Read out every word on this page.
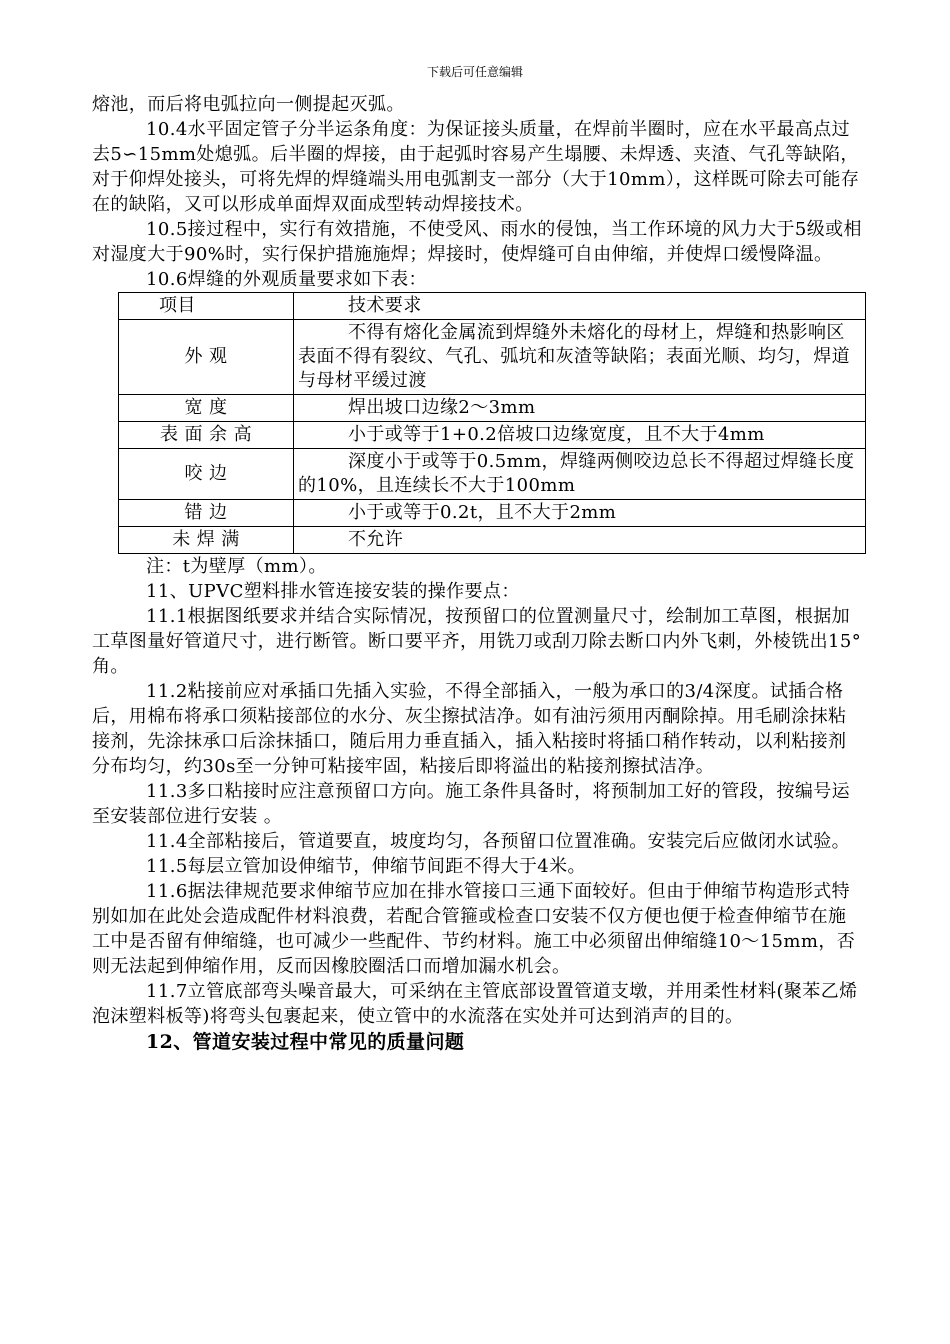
下载后可任意编辑

熔池，而后将电弧拉向一侧提起灭弧。

10.4水平固定管子分半运条角度：为保证接头质量，在焊前半圈时，应在水平最高点过去5∽15mm处熄弧。后半圈的焊接，由于起弧时容易产生塌腰、未焊透、夹渣、气孔等缺陷，对于仰焊处接头，可将先焊的焊缝端头用电弧割支一部分（大于10mm），这样既可除去可能存在的缺陷，又可以形成单面焊双面成型转动焊接技术。

10.5接过程中，实行有效措施，不使受风、雨水的侵蚀，当工作环境的风力大于5级或相对湿度大于90%时，实行保护措施施焊；焊接时，使焊缝可自由伸缩，并使焊口缓慢降温。

10.6焊缝的外观质量要求如下表：

项目	技术要求
外 观	不得有熔化金属流到焊缝外未熔化的母材上，焊缝和热影响区表面不得有裂纹、气孔、弧坑和灰渣等缺陷；表面光顺、均匀，焊道与母材平缓过渡
宽 度	焊出坡口边缘2～3mm
表 面 余 高	小于或等于1+0.2倍坡口边缘宽度，且不大于4mm
咬 边	深度小于或等于0.5mm，焊缝两侧咬边总长不得超过焊缝长度的10%，且连续长不大于100mm
错 边	小于或等于0.2t，且不大于2mm
未 焊 满	不允许

注：t为壁厚（mm）。

11、UPVC塑料排水管连接安装的操作要点：

11.1根据图纸要求并结合实际情况，按预留口的位置测量尺寸，绘制加工草图，根据加工草图量好管道尺寸，进行断管。断口要平齐，用铣刀或刮刀除去断口内外飞刺，外棱铣出15°角。

11.2粘接前应对承插口先插入实验，不得全部插入，一般为承口的3/4深度。试插合格后，用棉布将承口须粘接部位的水分、灰尘擦拭洁净。如有油污须用丙酮除掉。用毛刷涂抹粘接剂，先涂抹承口后涂抹插口，随后用力垂直插入，插入粘接时将插口稍作转动，以利粘接剂分布均匀，约30s至一分钟可粘接牢固，粘接后即将溢出的粘接剂擦拭洁净。

11.3多口粘接时应注意预留口方向。施工条件具备时，将预制加工好的管段，按编号运至安装部位进行安装 。

11.4全部粘接后，管道要直，坡度均匀，各预留口位置准确。安装完后应做闭水试验。

11.5每层立管加设伸缩节，伸缩节间距不得大于4米。

11.6据法律规范要求伸缩节应加在排水管接口三通下面较好。但由于伸缩节构造形式特别如加在此处会造成配件材料浪费，若配合管箍或检查口安装不仅方便也便于检查伸缩节在施工中是否留有伸缩缝，也可减少一些配件、节约材料。施工中必须留出伸缩缝10～15mm，否则无法起到伸缩作用，反而因橡胶圈活口而增加漏水机会。

11.7立管底部弯头噪音最大，可采纳在主管底部设置管道支墩，并用柔性材料(聚苯乙烯泡沫塑料板等)将弯头包裹起来，使立管中的水流落在实处并可达到消声的目的。

12、管道安装过程中常见的质量问题
